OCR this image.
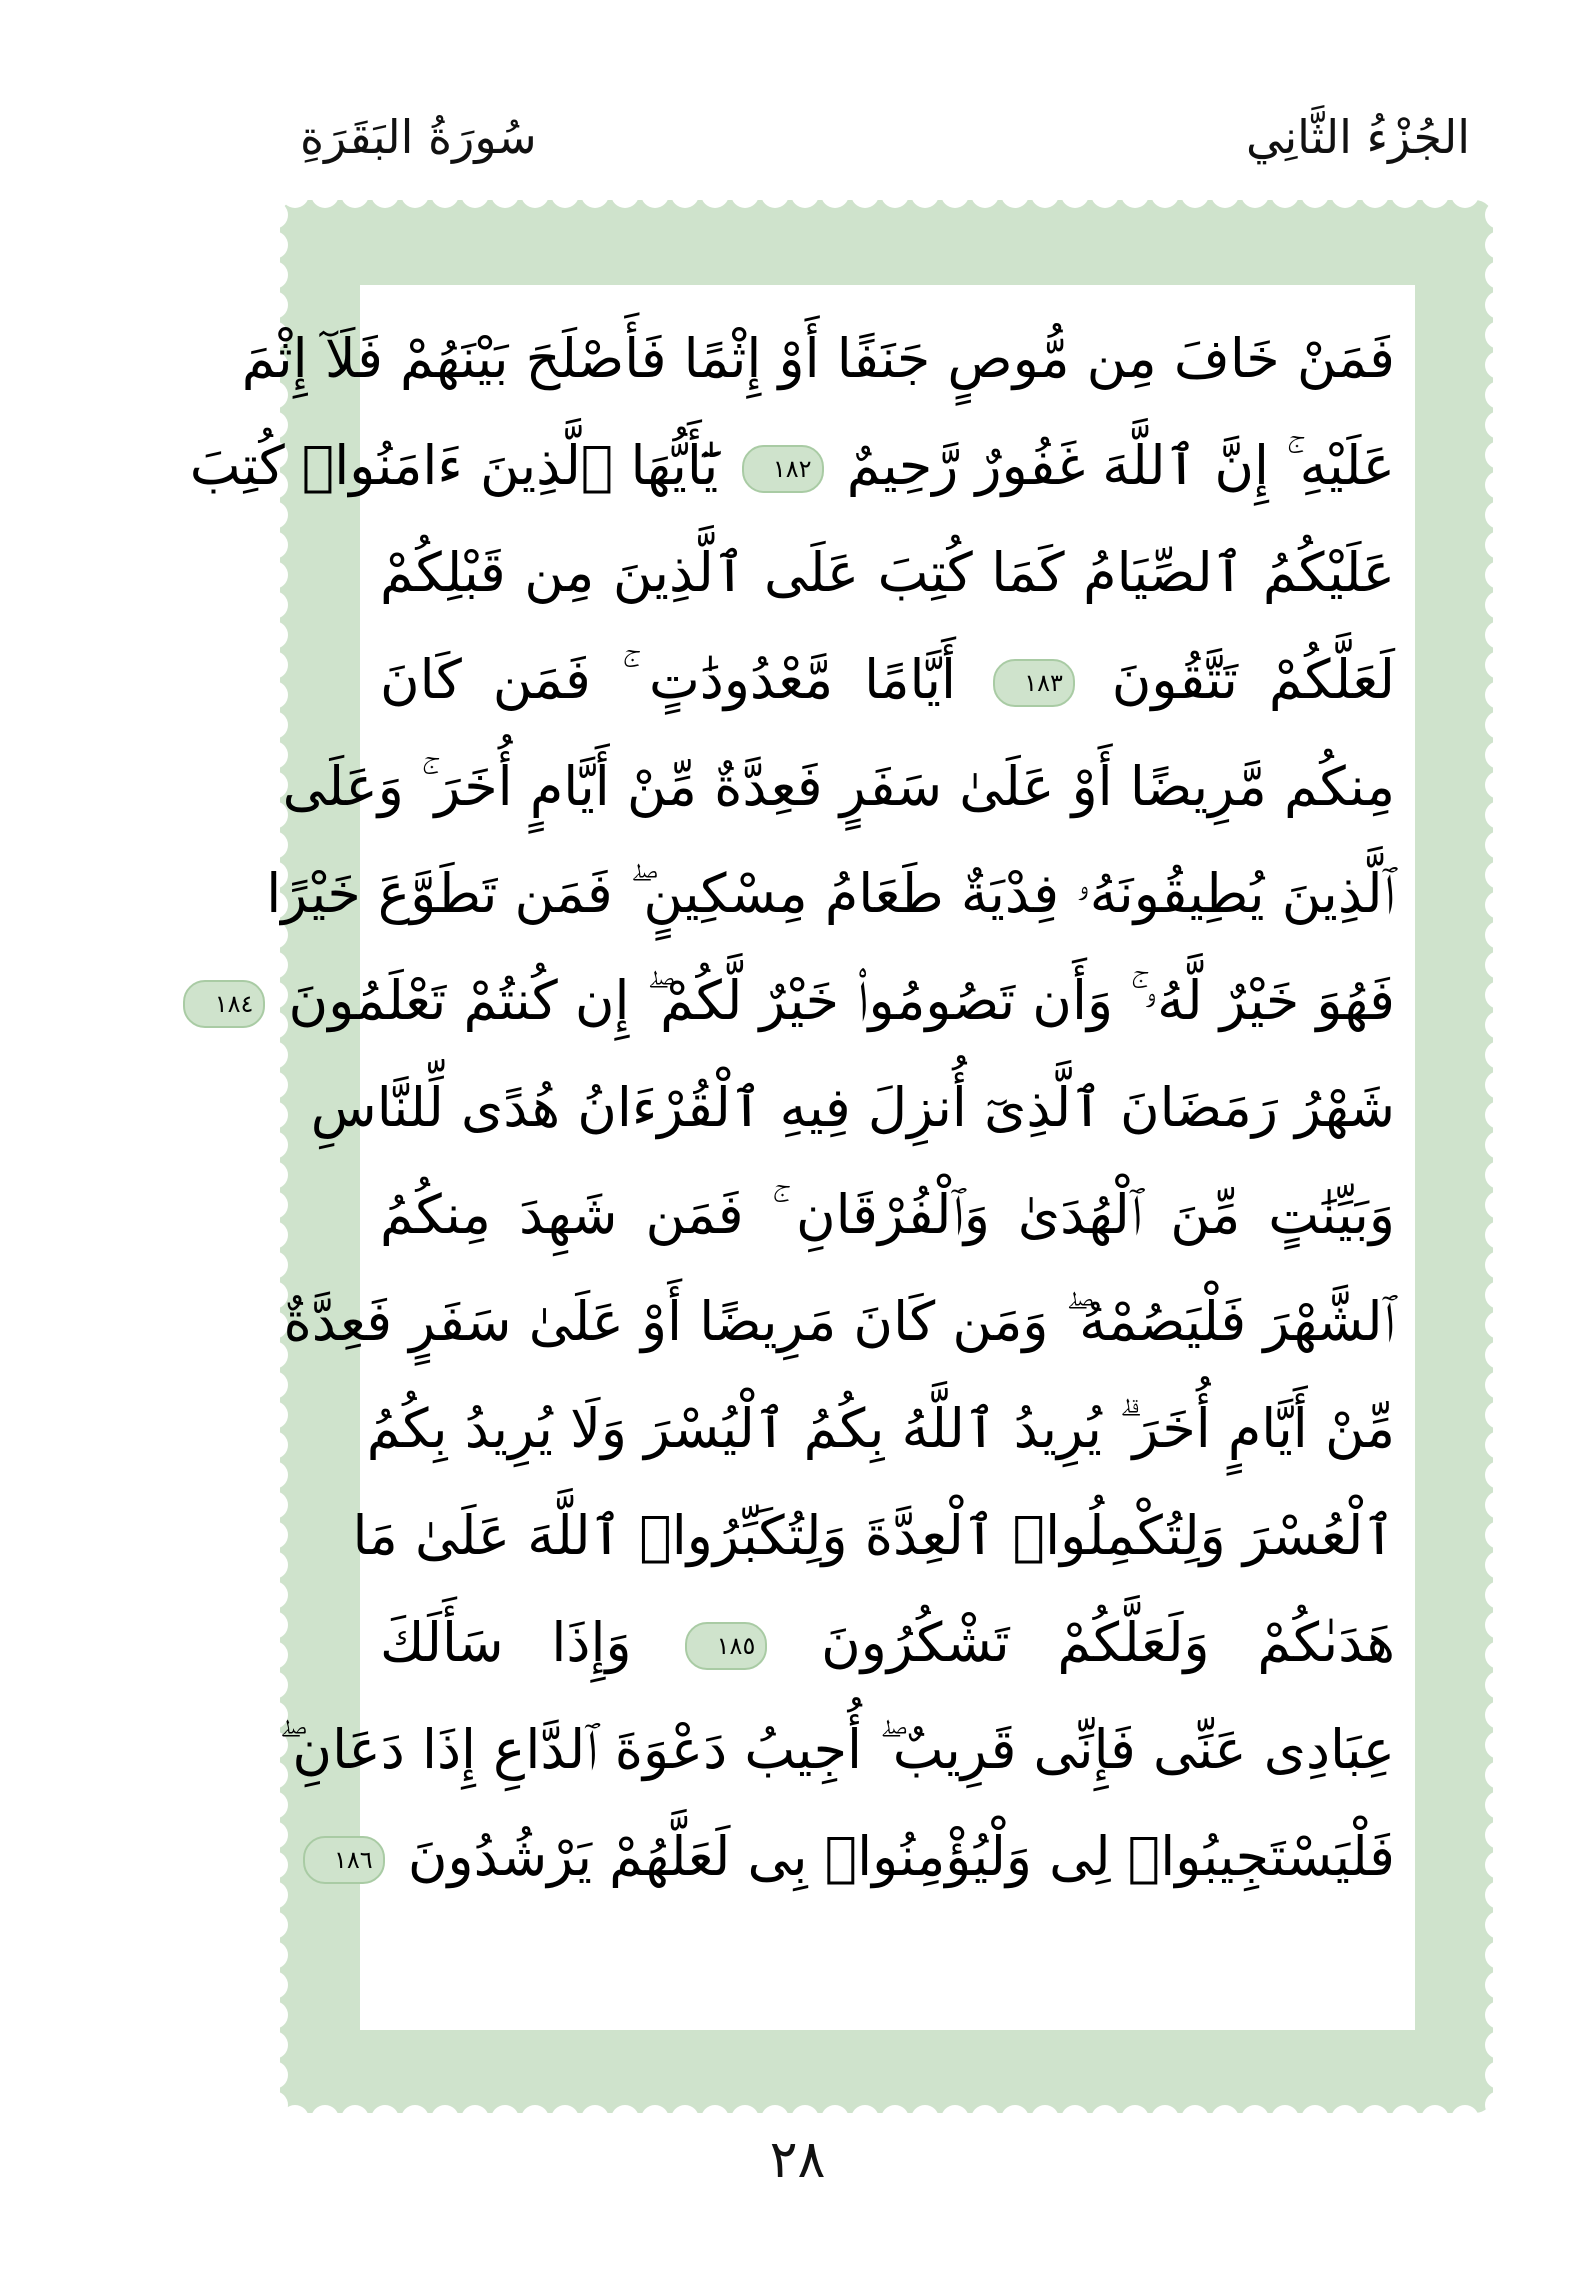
الجُزْءُ الثَّانِي
سُورَةُ البَقَرَةِ
فَمَنْ خَافَ مِن مُّوصٍ جَنَفًا أَوْ إِثْمًا فَأَصْلَحَ بَيْنَهُمْ فَلَآ إِثْمَ
عَلَيْهِ ۚ إِنَّ ٱللَّهَ غَفُورٌ رَّحِيمٌ ١٨٢ يَٰٓأَيُّهَا ٱلَّذِينَ ءَامَنُوا۟ كُتِبَ
عَلَيْكُمُ ٱلصِّيَامُ كَمَا كُتِبَ عَلَى ٱلَّذِينَ مِن قَبْلِكُمْ
لَعَلَّكُمْ تَتَّقُونَ ١٨٣ أَيَّامًا مَّعْدُودَٰتٍ ۚ فَمَن كَانَ
مِنكُم مَّرِيضًا أَوْ عَلَىٰ سَفَرٍ فَعِدَّةٌ مِّنْ أَيَّامٍ أُخَرَ ۚ وَعَلَى
ٱلَّذِينَ يُطِيقُونَهُۥ فِدْيَةٌ طَعَامُ مِسْكِينٍ ۖ فَمَن تَطَوَّعَ خَيْرًا
فَهُوَ خَيْرٌ لَّهُۥ ۚ وَأَن تَصُومُوا۟ خَيْرٌ لَّكُمْ ۖ إِن كُنتُمْ تَعْلَمُونَ ١٨٤
شَهْرُ رَمَضَانَ ٱلَّذِىٓ أُنزِلَ فِيهِ ٱلْقُرْءَانُ هُدًى لِّلنَّاسِ
وَبَيِّنَٰتٍ مِّنَ ٱلْهُدَىٰ وَٱلْفُرْقَانِ ۚ فَمَن شَهِدَ مِنكُمُ
ٱلشَّهْرَ فَلْيَصُمْهُ ۖ وَمَن كَانَ مَرِيضًا أَوْ عَلَىٰ سَفَرٍ فَعِدَّةٌ
مِّنْ أَيَّامٍ أُخَرَ ۗ يُرِيدُ ٱللَّهُ بِكُمُ ٱلْيُسْرَ وَلَا يُرِيدُ بِكُمُ
ٱلْعُسْرَ وَلِتُكْمِلُوا۟ ٱلْعِدَّةَ وَلِتُكَبِّرُوا۟ ٱللَّهَ عَلَىٰ مَا
هَدَىٰكُمْ وَلَعَلَّكُمْ تَشْكُرُونَ ١٨٥ وَإِذَا سَأَلَكَ
عِبَادِى عَنِّى فَإِنِّى قَرِيبٌ ۖ أُجِيبُ دَعْوَةَ ٱلدَّاعِ إِذَا دَعَانِ ۖ
فَلْيَسْتَجِيبُوا۟ لِى وَلْيُؤْمِنُوا۟ بِى لَعَلَّهُمْ يَرْشُدُونَ ١٨٦
٢٨
